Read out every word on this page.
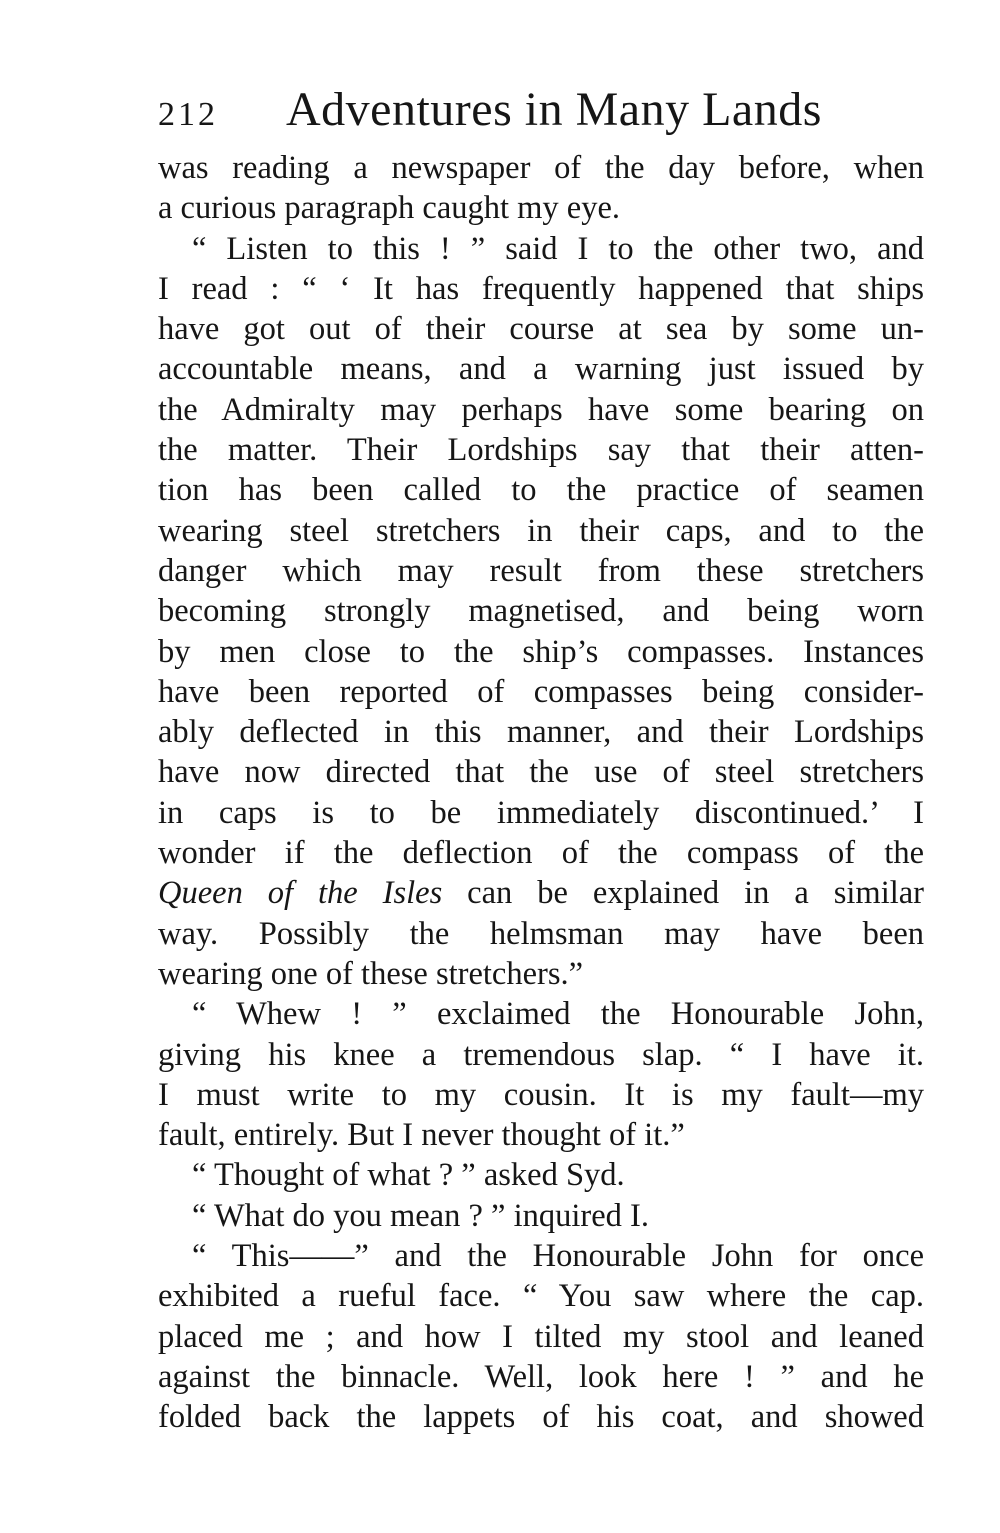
212	Adventures in Many Lands
was reading a newspaper of the day before, when
a curious paragraph caught my eye.
“ Listen to this ! ” said I to the other two, and
I read : “ ‘ It has frequently happened that ships
have got out of their course at sea by some un-
accountable means, and a warning just issued by
the Admiralty may perhaps have some bearing on
the matter. Their Lordships say that their atten-
tion has been called to the practice of seamen
wearing steel stretchers in their caps, and to the
danger which may result from these stretchers
becoming strongly magnetised, and being worn
by men close to the ship’s compasses. Instances
have been reported of compasses being consider-
ably deflected in this manner, and their Lordships
have now directed that the use of steel stretchers
in caps is to be immediately discontinued.’ I
wonder if the deflection of the compass of the
Queen of the Isles can be explained in a similar
way. Possibly the helmsman may have been
wearing one of these stretchers.”
“ Whew ! ” exclaimed the Honourable John,
giving his knee a tremendous slap. “ I have it.
I must write to my cousin. It is my fault—my
fault, entirely. But I never thought of it.”
“ Thought of what ? ” asked Syd.
“ What do you mean ? ” inquired I.
“ This——” and the Honourable John for once
exhibited a rueful face. “ You saw where the cap.
placed me ; and how I tilted my stool and leaned
against the binnacle. Well, look here ! ” and he
folded back the lappets of his coat, and showed
